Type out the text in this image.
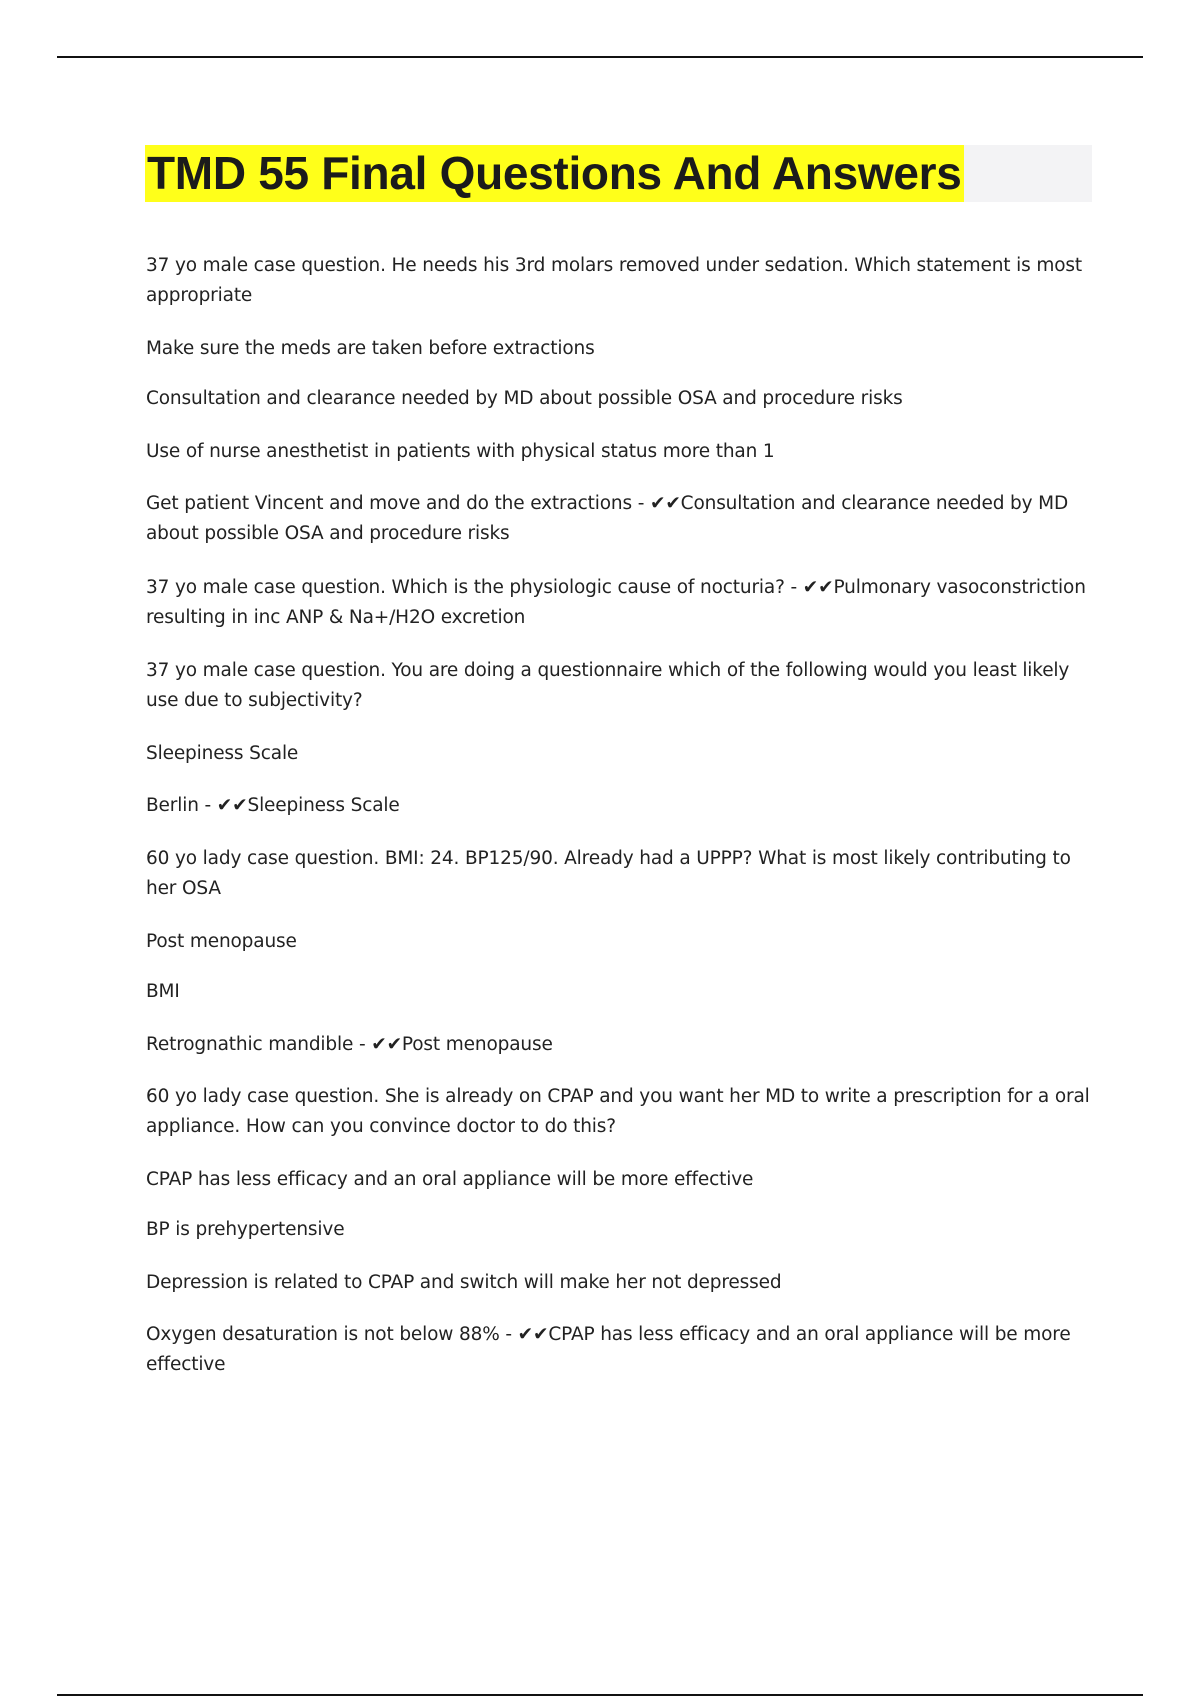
TMD 55 Final Questions And Answers

37 yo male case question. He needs his 3rd molars removed under sedation. Which statement is most appropriate

Make sure the meds are taken before extractions

Consultation and clearance needed by MD about possible OSA and procedure risks

Use of nurse anesthetist in patients with physical status more than 1

Get patient Vincent and move and do the extractions - ✔✔Consultation and clearance needed by MD about possible OSA and procedure risks

37 yo male case question. Which is the physiologic cause of nocturia? - ✔✔Pulmonary vasoconstriction resulting in inc ANP & Na+/H2O excretion

37 yo male case question. You are doing a questionnaire which of the following would you least likely use due to subjectivity?

Sleepiness Scale

Berlin - ✔✔Sleepiness Scale

60 yo lady case question. BMI: 24. BP125/90. Already had a UPPP? What is most likely contributing to her OSA

Post menopause

BMI

Retrognathic mandible - ✔✔Post menopause

60 yo lady case question. She is already on CPAP and you want her MD to write a prescription for a oral appliance. How can you convince doctor to do this?

CPAP has less efficacy and an oral appliance will be more effective

BP is prehypertensive

Depression is related to CPAP and switch will make her not depressed

Oxygen desaturation is not below 88% - ✔✔CPAP has less efficacy and an oral appliance will be more effective
